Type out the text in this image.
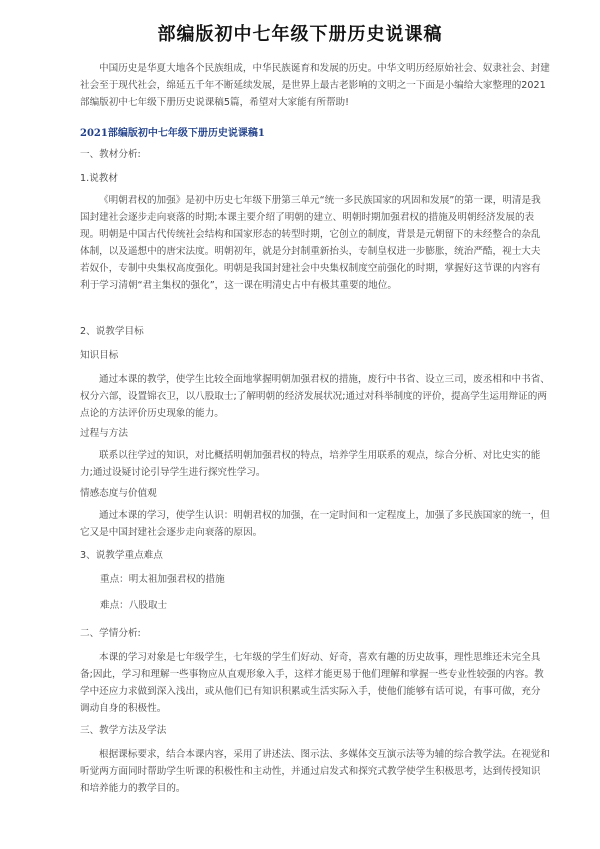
部编版初中七年级下册历史说课稿
中国历史是华夏大地各个民族组成，中华民族诞育和发展的历史。中华文明历经原始社会、奴隶社会、封建社会至于现代社会，绵延五千年不断延续发展，是世界上最古老影响的文明之一下面是小编给大家整理的2021部编版初中七年级下册历史说课稿5篇，希望对大家能有所帮助!
2021部编版初中七年级下册历史说课稿1
一、教材分析:
1.说教材
《明朝君权的加强》是初中历史七年级下册第三单元“统一多民族国家的巩固和发展”的第一课，明清是我国封建社会逐步走向衰落的时期;本课主要介绍了明朝的建立、明朝时期加强君权的措施及明朝经济发展的表现。明朝是中国古代传统社会结构和国家形态的转型时期，它创立的制度，背景是元朝留下的未经整合的杂乱体制，以及遥想中的唐宋法度。明朝初年，就是分封制重新抬头，专制皇权进一步膨胀，统治严酷，视士大夫若奴仆，专制中央集权高度强化。明朝是我国封建社会中央集权制度空前强化的时期，掌握好这节课的内容有利于学习清朝“君主集权的强化”，这一课在明清史占中有极其重要的地位。
2、说教学目标
知识目标
通过本课的教学，使学生比较全面地掌握明朝加强君权的措施，废行中书省、设立三司，废丞相和中书省、权分六部，设置锦衣卫，以八股取士;了解明朝的经济发展状况;通过对科举制度的评价，提高学生运用辩证的两点论的方法评价历史现象的能力。
过程与方法
联系以往学过的知识，对比概括明朝加强君权的特点，培养学生用联系的观点，综合分析、对比史实的能力;通过设疑讨论引导学生进行探究性学习。
情感态度与价值观
通过本课的学习，使学生认识：明朝君权的加强，在一定时间和一定程度上，加强了多民族国家的统一，但它又是中国封建社会逐步走向衰落的原因。
3、说教学重点难点
重点：明太祖加强君权的措施
难点：八股取士
二、学情分析:
本课的学习对象是七年级学生，七年级的学生们好动、好奇，喜欢有趣的历史故事，理性思维还未完全具备;因此，学习和理解一些事物应从直观形象入手，这样才能更易于他们理解和掌握一些专业性较强的内容。教学中还应力求做到深入浅出，或从他们已有知识积累或生活实际入手，使他们能够有话可说，有事可做，充分调动自身的积极性。
三、教学方法及学法
根据课标要求，结合本课内容，采用了讲述法、图示法、多媒体交互演示法等为辅的综合教学法。在视觉和听觉两方面同时帮助学生听课的积极性和主动性，并通过启发式和探究式教学使学生积极思考，达到传授知识和培养能力的教学目的。
